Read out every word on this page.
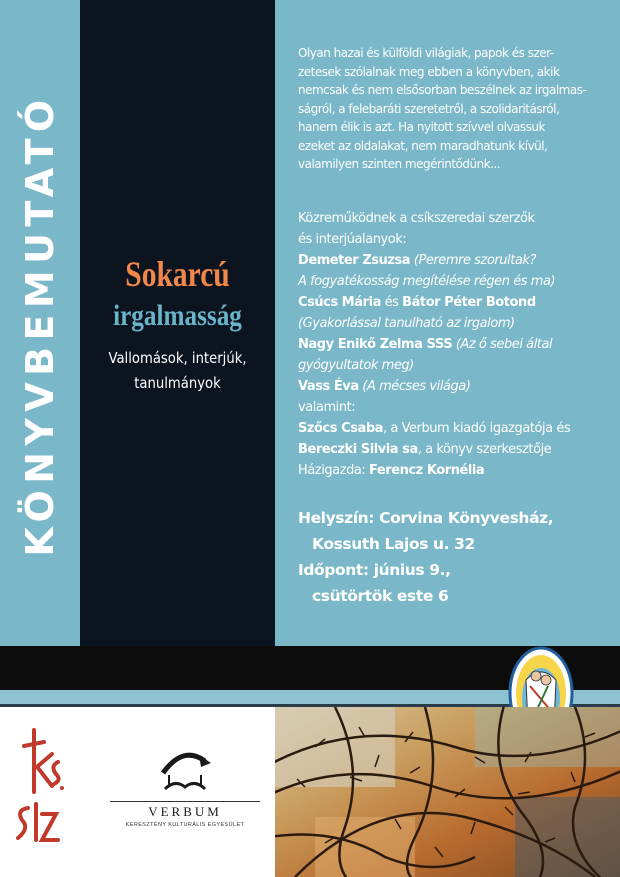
KÖNYVBEMUTATÓ	Sokarcú
irgalmasság
Vallomások, interjúk,
tanulmányok
Olyan hazai és külföldi világiak, papok és szer-
zetesek szólalnak meg ebben a könyvben, akik
nemcsak és nem elsősorban beszélnek az irgalmas-
ságról, a felebaráti szeretetről, a szolidaritásról,
hanem élik is azt. Ha nyitott szívvel olvassuk
ezeket az oldalakat, nem maradhatunk kívül,
valamilyen szinten megérintődünk...
Közreműködnek a csíkszeredai szerzők
és interjúalanyok:
Demeter Zsuzsa (Peremre szorultak?
A fogyatékosság megítélése régen és ma)
Csúcs Mária és Bátor Péter Botond
(Gyakorlással tanulható az irgalom)
Nagy Enikő Zelma SSS (Az ő sebei által
gyógyultatok meg)
Vass Éva (A mécses világa)
valamint:
Szőcs Csaba, a Verbum kiadó igazgatója és
Bereczki Silvia sa, a könyv szerkesztője
Házigazda: Ferencz Kornélia
Helyszín: Corvina Könyvesház,
Kossuth Lajos u. 32
Időpont: június 9.,
csütörtök este 6
VERBUM
KERESZTÉNY KULTURÁLIS EGYESÜLET
